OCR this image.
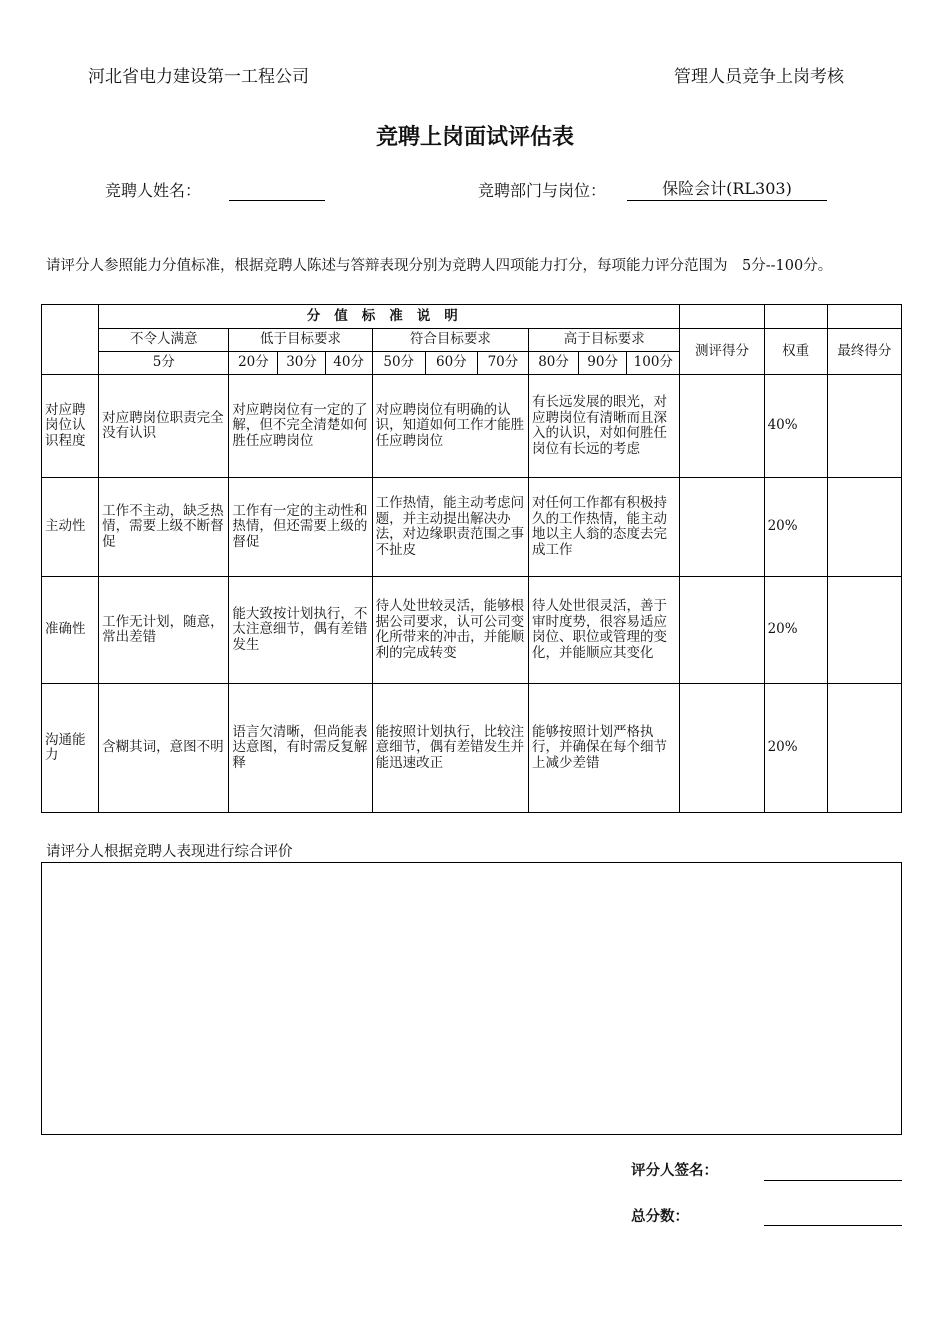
河北省电力建设第一工程公司	管理人员竞争上岗考核
竞聘上岗面试评估表
竞聘人姓名：	竞聘部门与岗位：	保险会计(RL303)
请评分人参照能力分值标准，根据竞聘人陈述与答辩表现分别为竞聘人四项能力打分，每项能力评分范围为　5分--100分。
	分值标准说明												
	不令人满意	低于目标要求			符合目标要求			高于目标要求			测评得分	权重	最终得分
	5分	20分	30分	40分	50分	60分	70分	80分	90分	100分			
对应聘岗位认识程度	对应聘岗位职责完全没有认识	对应聘岗位有一定的了解，但不完全清楚如何胜任应聘岗位			对应聘岗位有明确的认识，知道如何工作才能胜任应聘岗位			有长远发展的眼光，对应聘岗位有清晰而且深入的认识，对如何胜任岗位有长远的考虑				40%	
主动性	工作不主动，缺乏热情，需要上级不断督促	工作有一定的主动性和热情，但还需要上级的督促			工作热情，能主动考虑问题，并主动提出解决办法，对边缘职责范围之事不扯皮			对任何工作都有积极持久的工作热情，能主动地以主人翁的态度去完成工作				20%	
准确性	工作无计划，随意，常出差错	能大致按计划执行，不太注意细节，偶有差错发生			待人处世较灵活，能够根据公司要求，认可公司变化所带来的冲击，并能顺利的完成转变			待人处世很灵活，善于审时度势，很容易适应岗位、职位或管理的变化，并能顺应其变化				20%	
沟通能力	含糊其词，意图不明	语言欠清晰，但尚能表达意图，有时需反复解释			能按照计划执行，比较注意细节，偶有差错发生并能迅速改正			能够按照计划严格执行，并确保在每个细节上减少差错				20%	
请评分人根据竞聘人表现进行综合评价
评分人签名：
总分数：
